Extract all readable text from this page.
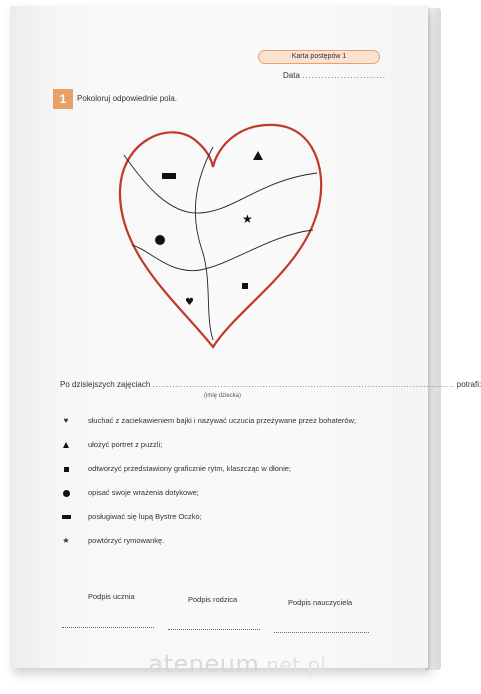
Karta postępów 1
Data ..........................
1	Pokoloruj odpowiednie pola.
★
♥
Po dzisiejszych zajęciach ........................................................................................................... potrafi:
(imię dziecka)
♥	słuchać z zaciekawieniem bajki i nazywać uczucia przeżywane przez bohaterów;
ułożyć portret z puzzli;
odtworzyć przedstawiony graficznie rytm, klaszcząc w dłonie;
opisać swoje wrażenia dotykowe;
posługiwać się lupą Bystre Oczko;
★ powtórzyć rymowankę.
Podpis ucznia	Podpis rodzica	Podpis nauczyciela
ateneum.net.pl
